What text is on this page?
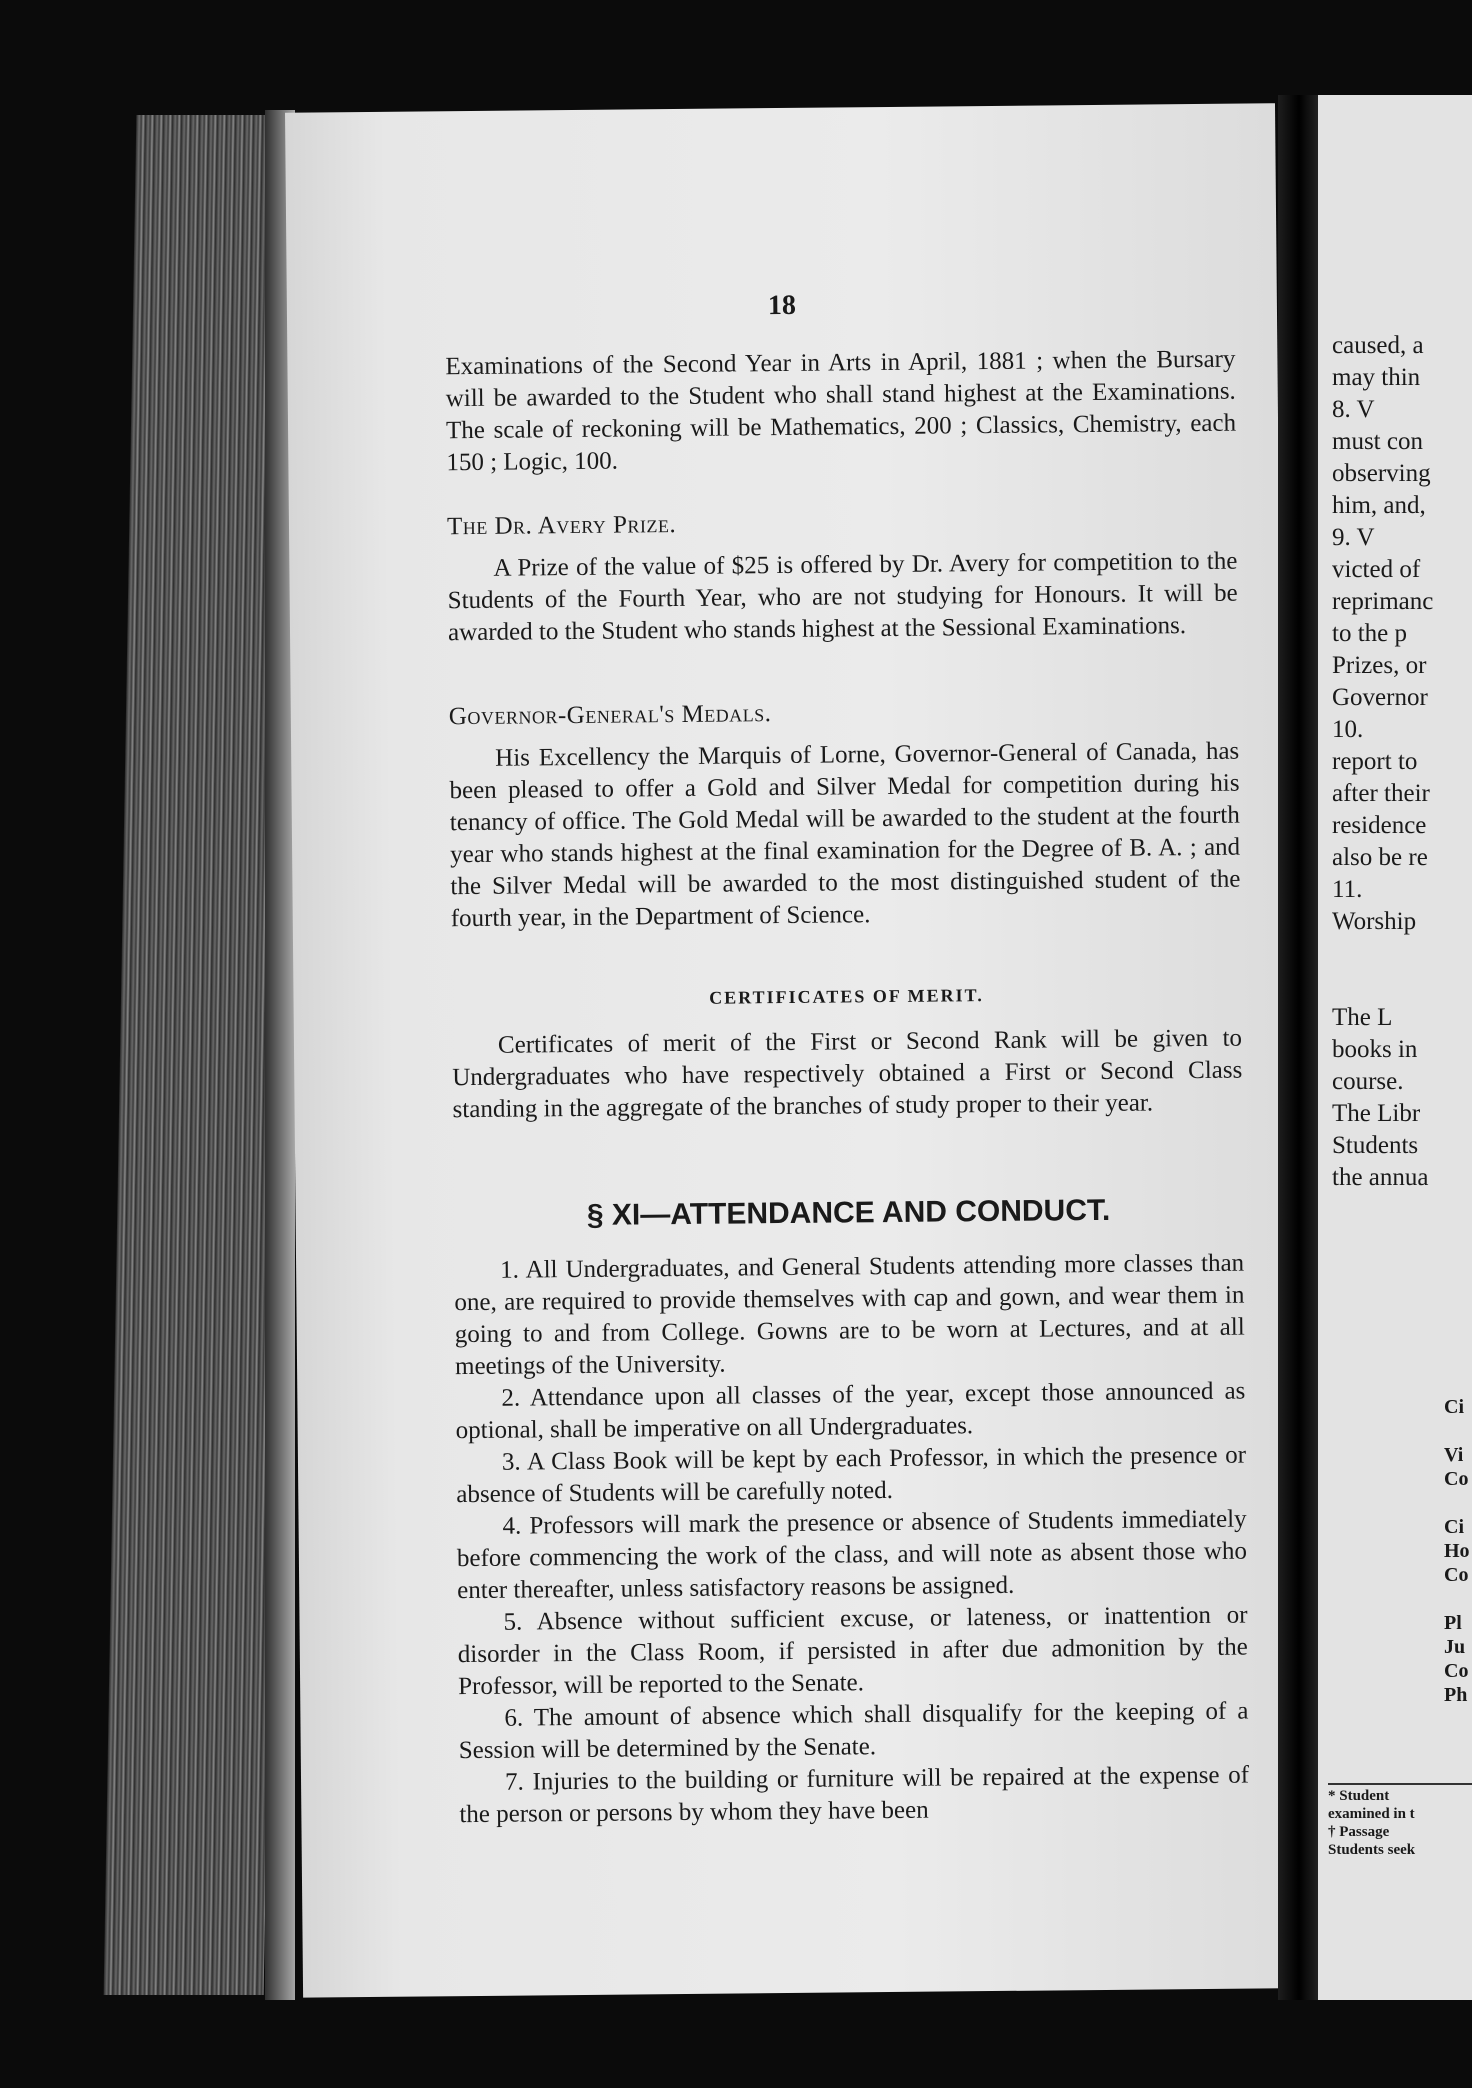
18

Examinations of the Second Year in Arts in April, 1881 ; when the Bursary will be awarded to the Student who shall stand highest at the Examinations. The scale of reckoning will be Mathematics, 200 ; Classics, Chemistry, each 150 ; Logic, 100.

The Dr. Avery Prize.

A Prize of the value of $25 is offered by Dr. Avery for competition to the Students of the Fourth Year, who are not studying for Honours. It will be awarded to the Student who stands highest at the Sessional Examinations.

Governor-General's Medals.

His Excellency the Marquis of Lorne, Governor-General of Canada, has been pleased to offer a Gold and Silver Medal for competition during his tenancy of office. The Gold Medal will be awarded to the student at the fourth year who stands highest at the final examination for the Degree of B. A. ; and the Silver Medal will be awarded to the most distinguished student of the fourth year, in the Department of Science.

CERTIFICATES OF MERIT.

Certificates of merit of the First or Second Rank will be given to Undergraduates who have respectively obtained a First or Second Class standing in the aggregate of the branches of study proper to their year.

§ XI—ATTENDANCE AND CONDUCT.

1. All Undergraduates, and General Students attending more classes than one, are required to provide themselves with cap and gown, and wear them in going to and from College. Gowns are to be worn at Lectures, and at all meetings of the University.

2. Attendance upon all classes of the year, except those announced as optional, shall be imperative on all Undergraduates.

3. A Class Book will be kept by each Professor, in which the presence or absence of Students will be carefully noted.

4. Professors will mark the presence or absence of Students immediately before commencing the work of the class, and will note as absent those who enter thereafter, unless satisfactory reasons be assigned.

5. Absence without sufficient excuse, or lateness, or inattention or disorder in the Class Room, if persisted in after due admonition by the Professor, will be reported to the Senate.

6. The amount of absence which shall disqualify for the keeping of a Session will be determined by the Senate.

7. Injuries to the building or furniture will be repaired at the expense of the person or persons by whom they have been

caused, a
may thin
8. V
must con
observing
him, and,
9. V
victed of
reprimanc
to the p
Prizes, or
Governor
10.
report to
after their
residence
also be re
11.
Worship
The L
books in
course.
The Libr
Students
the annua
Ci
Vi
Co
Ci
Ho
Co
Pl
Ju
Co
Ph
* Student
examined in t
† Passage
Students seek
